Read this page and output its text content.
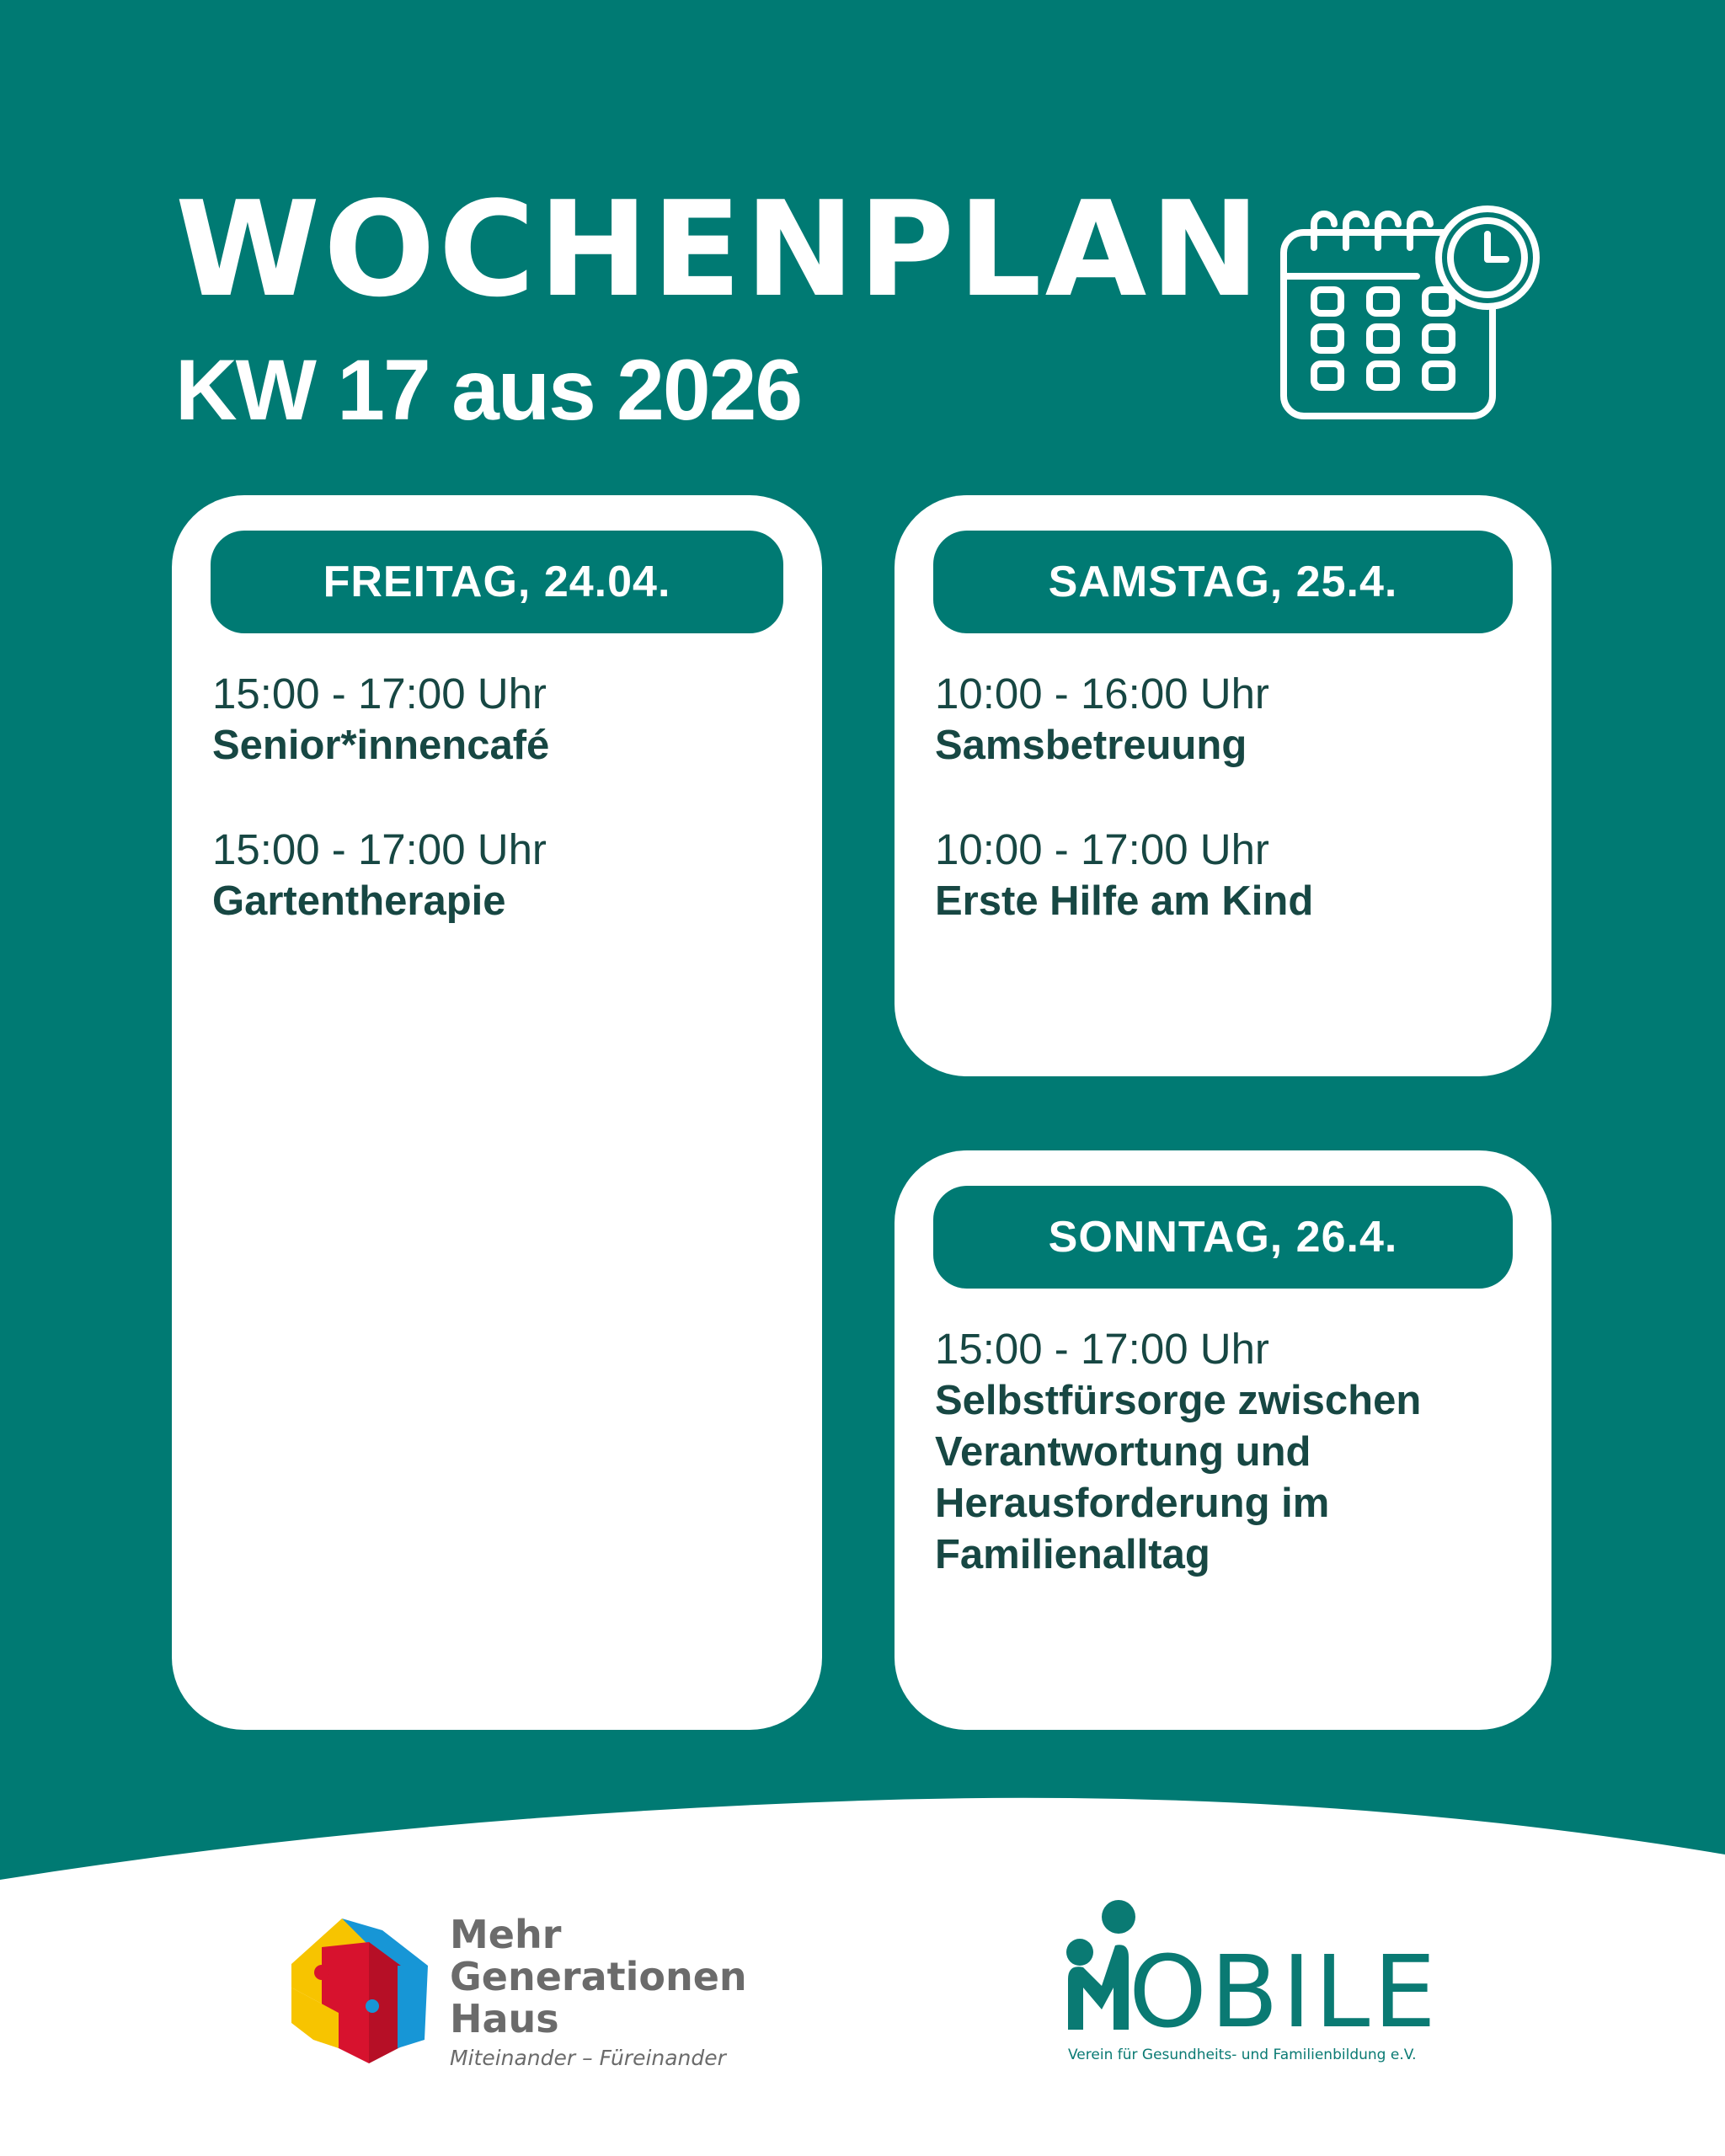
WOCHENPLAN
KW 17 aus 2026
FREITAG, 24.04.
15:00 - 17:00 Uhr
Senior*innencafé
15:00 - 17:00 Uhr
Gartentherapie
SAMSTAG, 25.4.
10:00 - 16:00 Uhr
Samsbetreuung
10:00 - 17:00 Uhr
Erste Hilfe am Kind
SONNTAG, 26.4.
15:00 - 17:00 Uhr
Selbstfürsorge zwischen Verantwortung und Herausforderung im Familienalltag
Mehr
Generationen
Haus
Miteinander – Füreinander

OBILE

Verein für Gesundheits- und Familienbildung e.V.
